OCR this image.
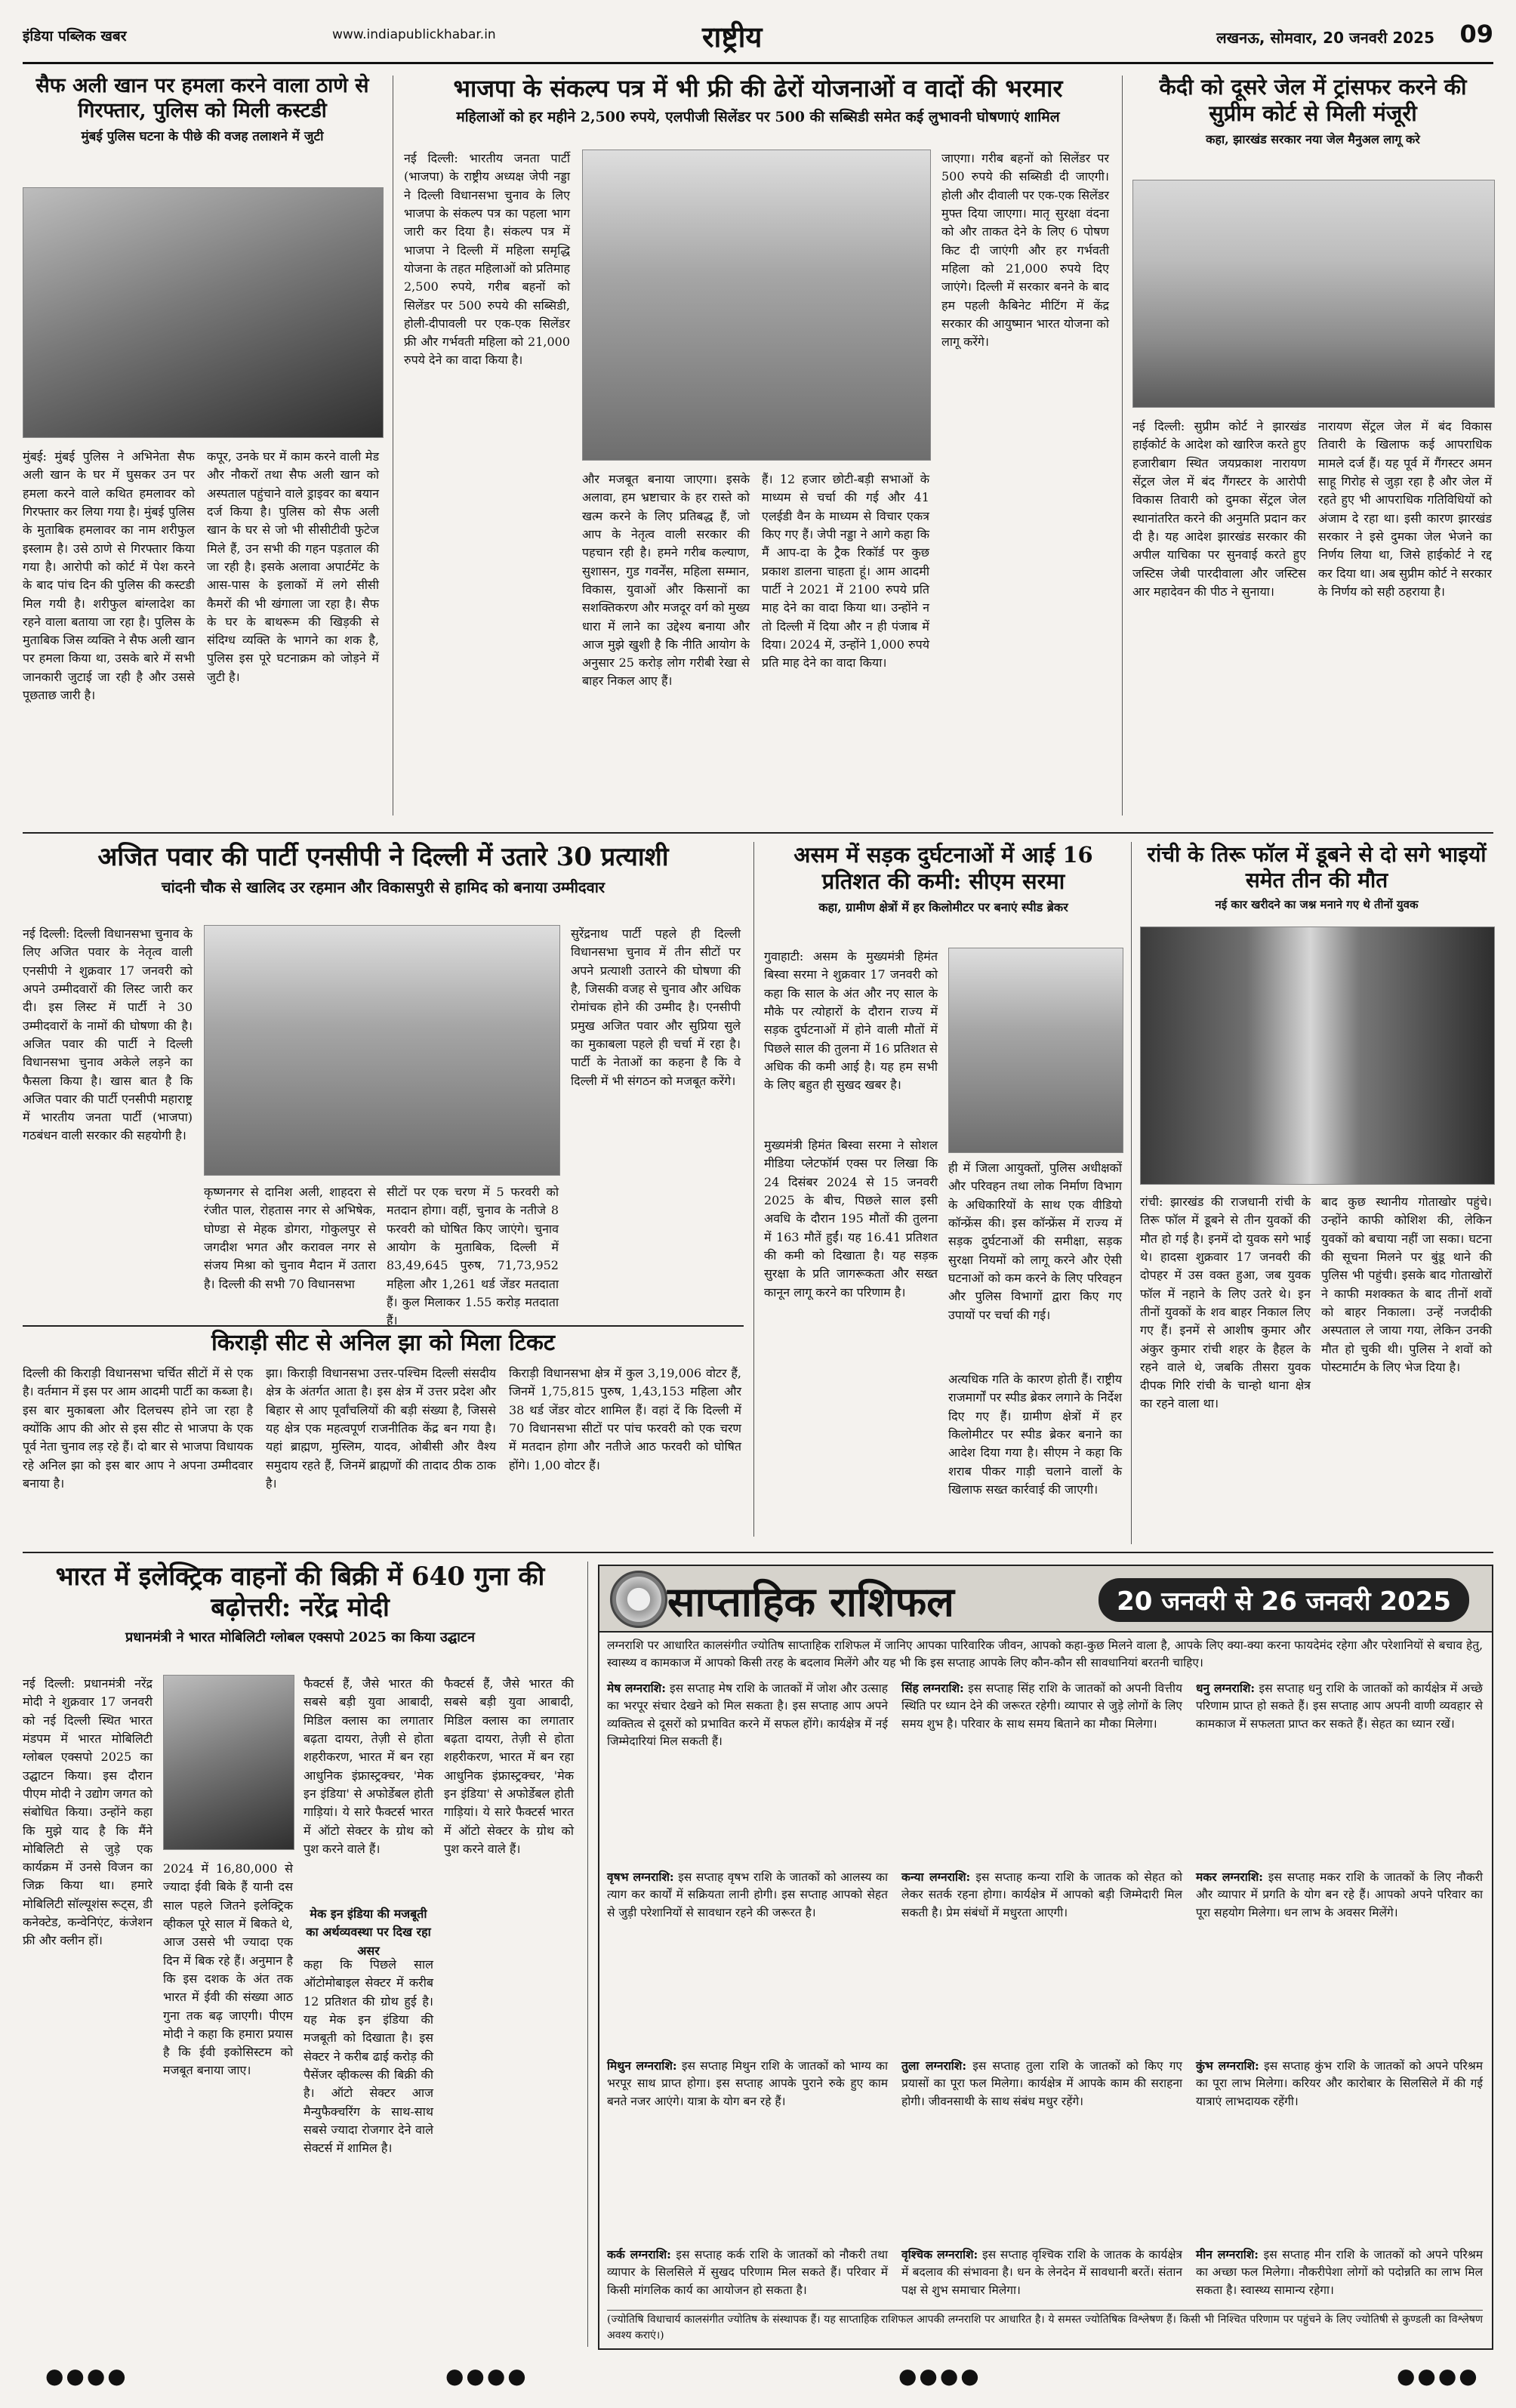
इंडिया पब्लिक खबर	www.indiapublickhabar.in	राष्ट्रीय	लखनऊ, सोमवार, 20 जनवरी 2025 09
सैफ अली खान पर हमला करने वाला ठाणे से गिरफ्तार, पुलिस को मिली कस्टडी
मुंबई पुलिस घटना के पीछे की वजह तलाशने में जुटी
मुंबई: मुंबई पुलिस ने अभिनेता सैफ अली खान के घर में घुसकर उन पर हमला करने वाले कथित हमलावर को गिरफ्तार कर लिया गया है। मुंबई पुलिस के मुताबिक हमलावर का नाम शरीफुल इस्लाम है। उसे ठाणे से गिरफ्तार किया गया है। आरोपी को कोर्ट में पेश करने के बाद पांच दिन की पुलिस की कस्टडी मिल गयी है। शरीफुल बांग्लादेश का रहने वाला बताया जा रहा है। पुलिस के मुताबिक जिस व्यक्ति ने सैफ अली खान पर हमला किया था, उसके बारे में सभी जानकारी जुटाई जा रही है और उससे पूछताछ जारी है।
कपूर, उनके घर में काम करने वाली मेड और नौकरों तथा सैफ अली खान को अस्पताल पहुंचाने वाले ड्राइवर का बयान दर्ज किया है। पुलिस को सैफ अली खान के घर से जो भी सीसीटीवी फुटेज मिले हैं, उन सभी की गहन पड़ताल की जा रही है। इसके अलावा अपार्टमेंट के आस-पास के इलाकों में लगे सीसी कैमरों की भी खंगाला जा रहा है। सैफ के घर के बाथरूम की खिड़की से संदिग्ध व्यक्ति के भागने का शक है, पुलिस इस पूरे घटनाक्रम को जोड़ने में जुटी है।
भाजपा के संकल्प पत्र में भी फ्री की ढेरों योजनाओं व वादों की भरमार
महिलाओं को हर महीने 2,500 रुपये, एलपीजी सिलेंडर पर 500 की सब्सिडी समेत कई लुभावनी घोषणाएं शामिल
नई दिल्ली: भारतीय जनता पार्टी (भाजपा) के राष्ट्रीय अध्यक्ष जेपी नड्डा ने दिल्ली विधानसभा चुनाव के लिए भाजपा के संकल्प पत्र का पहला भाग जारी कर दिया है। संकल्प पत्र में भाजपा ने दिल्ली में महिला समृद्धि योजना के तहत महिलाओं को प्रतिमाह 2,500 रुपये, गरीब बहनों को सिलेंडर पर 500 रुपये की सब्सिडी, होली-दीपावली पर एक-एक सिलेंडर फ्री और गर्भवती महिला को 21,000 रुपये देने का वादा किया है।
और मजबूत बनाया जाएगा। इसके अलावा, हम भ्रष्टाचार के हर रास्ते को खत्म करने के लिए प्रतिबद्ध हैं, जो आप के नेतृत्व वाली सरकार की पहचान रही है। हमने गरीब कल्याण, सुशासन, गुड गवर्नेंस, महिला सम्मान, विकास, युवाओं और किसानों का सशक्तिकरण और मजदूर वर्ग को मुख्य धारा में लाने का उद्देश्य बनाया और आज मुझे खुशी है कि नीति आयोग के अनुसार 25 करोड़ लोग गरीबी रेखा से बाहर निकल आए हैं।
हैं। 12 हजार छोटी-बड़ी सभाओं के माध्यम से चर्चा की गई और 41 एलईडी वैन के माध्यम से विचार एकत्र किए गए हैं। जेपी नड्डा ने आगे कहा कि मैं आप-दा के ट्रैक रिकॉर्ड पर कुछ प्रकाश डालना चाहता हूं। आम आदमी पार्टी ने 2021 में 2100 रुपये प्रति माह देने का वादा किया था। उन्होंने न तो दिल्ली में दिया और न ही पंजाब में दिया। 2024 में, उन्होंने 1,000 रुपये प्रति माह देने का वादा किया।
जाएगा। गरीब बहनों को सिलेंडर पर 500 रुपये की सब्सिडी दी जाएगी। होली और दीवाली पर एक-एक सिलेंडर मुफ्त दिया जाएगा। मातृ सुरक्षा वंदना को और ताकत देने के लिए 6 पोषण किट दी जाएंगी और हर गर्भवती महिला को 21,000 रुपये दिए जाएंगे। दिल्ली में सरकार बनने के बाद हम पहली कैबिनेट मीटिंग में केंद्र सरकार की आयुष्मान भारत योजना को लागू करेंगे।
कैदी को दूसरे जेल में ट्रांसफर करने की सुप्रीम कोर्ट से मिली मंजूरी
कहा, झारखंड सरकार नया जेल मैनुअल लागू करे
नई दिल्ली: सुप्रीम कोर्ट ने झारखंड हाईकोर्ट के आदेश को खारिज करते हुए हजारीबाग स्थित जयप्रकाश नारायण सेंट्रल जेल में बंद गैंगस्टर के आरोपी विकास तिवारी को दुमका सेंट्रल जेल स्थानांतरित करने की अनुमति प्रदान कर दी है। यह आदेश झारखंड सरकार की अपील याचिका पर सुनवाई करते हुए जस्टिस जेबी पारदीवाला और जस्टिस आर महादेवन की पीठ ने सुनाया।
नारायण सेंट्रल जेल में बंद विकास तिवारी के खिलाफ कई आपराधिक मामले दर्ज हैं। यह पूर्व में गैंगस्टर अमन साहू गिरोह से जुड़ा रहा है और जेल में रहते हुए भी आपराधिक गतिविधियों को अंजाम दे रहा था। इसी कारण झारखंड सरकार ने इसे दुमका जेल भेजने का निर्णय लिया था, जिसे हाईकोर्ट ने रद्द कर दिया था। अब सुप्रीम कोर्ट ने सरकार के निर्णय को सही ठहराया है।
अजित पवार की पार्टी एनसीपी ने दिल्ली में उतारे 30 प्रत्याशी
चांदनी चौक से खालिद उर रहमान और विकासपुरी से हामिद को बनाया उम्मीदवार
नई दिल्ली: दिल्ली विधानसभा चुनाव के लिए अजित पवार के नेतृत्व वाली एनसीपी ने शुक्रवार 17 जनवरी को अपने उम्मीदवारों की लिस्ट जारी कर दी। इस लिस्ट में पार्टी ने 30 उम्मीदवारों के नामों की घोषणा की है। अजित पवार की पार्टी ने दिल्ली विधानसभा चुनाव अकेले लड़ने का फैसला किया है। खास बात है कि अजित पवार की पार्टी एनसीपी महाराष्ट्र में भारतीय जनता पार्टी (भाजपा) गठबंधन वाली सरकार की सहयोगी है।
कृष्णनगर से दानिश अली, शाहदरा से रंजीत पाल, रोहतास नगर से अभिषेक, घोण्डा से मेहक डोगरा, गोकुलपुर से जगदीश भगत और करावल नगर से संजय मिश्रा को चुनाव मैदान में उतारा है। दिल्ली की सभी 70 विधानसभा
सीटों पर एक चरण में 5 फरवरी को मतदान होगा। वहीं, चुनाव के नतीजे 8 फरवरी को घोषित किए जाएंगे। चुनाव आयोग के मुताबिक, दिल्ली में 83,49,645 पुरुष, 71,73,952 महिला और 1,261 थर्ड जेंडर मतदाता हैं। कुल मिलाकर 1.55 करोड़ मतदाता हैं।
सुरेंद्रनाथ पार्टी पहले ही दिल्ली विधानसभा चुनाव में तीन सीटों पर अपने प्रत्याशी उतारने की घोषणा की है, जिसकी वजह से चुनाव और अधिक रोमांचक होने की उम्मीद है। एनसीपी प्रमुख अजित पवार और सुप्रिया सुले का मुकाबला पहले ही चर्चा में रहा है। पार्टी के नेताओं का कहना है कि वे दिल्ली में भी संगठन को मजबूत करेंगे।
किराड़ी सीट से अनिल झा को मिला टिकट
दिल्ली की किराड़ी विधानसभा चर्चित सीटों में से एक है। वर्तमान में इस पर आम आदमी पार्टी का कब्जा है। इस बार मुकाबला और दिलचस्प होने जा रहा है क्योंकि आप की ओर से इस सीट से भाजपा के एक पूर्व नेता चुनाव लड़ रहे हैं। दो बार से भाजपा विधायक रहे अनिल झा को इस बार आप ने अपना उम्मीदवार बनाया है।
झा। किराड़ी विधानसभा उत्तर-पश्चिम दिल्ली संसदीय क्षेत्र के अंतर्गत आता है। इस क्षेत्र में उत्तर प्रदेश और बिहार से आए पूर्वांचलियों की बड़ी संख्या है, जिससे यह क्षेत्र एक महत्वपूर्ण राजनीतिक केंद्र बन गया है। यहां ब्राह्मण, मुस्लिम, यादव, ओबीसी और वैश्य समुदाय रहते हैं, जिनमें ब्राह्मणों की तादाद ठीक ठाक है।
किराड़ी विधानसभा क्षेत्र में कुल 3,19,006 वोटर हैं, जिनमें 1,75,815 पुरुष, 1,43,153 महिला और 38 थर्ड जेंडर वोटर शामिल हैं। वहां दें कि दिल्ली में 70 विधानसभा सीटों पर पांच फरवरी को एक चरण में मतदान होगा और नतीजे आठ फरवरी को घोषित होंगे। 1,00 वोटर हैं।
असम में सड़क दुर्घटनाओं में आई 16 प्रतिशत की कमी: सीएम सरमा
कहा, ग्रामीण क्षेत्रों में हर किलोमीटर पर बनाएं स्पीड ब्रेकर
गुवाहाटी: असम के मुख्यमंत्री हिमंत बिस्वा सरमा ने शुक्रवार 17 जनवरी को कहा कि साल के अंत और नए साल के मौके पर त्योहारों के दौरान राज्य में सड़क दुर्घटनाओं में होने वाली मौतों में पिछले साल की तुलना में 16 प्रतिशत से अधिक की कमी आई है। यह हम सभी के लिए बहुत ही सुखद खबर है।
मुख्यमंत्री हिमंत बिस्वा सरमा ने सोशल मीडिया प्लेटफॉर्म एक्स पर लिखा कि 24 दिसंबर 2024 से 15 जनवरी 2025 के बीच, पिछले साल इसी अवधि के दौरान 195 मौतों की तुलना में 163 मौतें हुईं। यह 16.41 प्रतिशत की कमी को दिखाता है। यह सड़क सुरक्षा के प्रति जागरूकता और सख्त कानून लागू करने का परिणाम है।
ही में जिला आयुक्तों, पुलिस अधीक्षकों और परिवहन तथा लोक निर्माण विभाग के अधिकारियों के साथ एक वीडियो कॉन्फ्रेंस की। इस कॉन्फ्रेंस में राज्य में सड़क दुर्घटनाओं की समीक्षा, सड़क सुरक्षा नियमों को लागू करने और ऐसी घटनाओं को कम करने के लिए परिवहन और पुलिस विभागों द्वारा किए गए उपायों पर चर्चा की गई।
अत्यधिक गति के कारण होती हैं। राष्ट्रीय राजमार्गों पर स्पीड ब्रेकर लगाने के निर्देश दिए गए हैं। ग्रामीण क्षेत्रों में हर किलोमीटर पर स्पीड ब्रेकर बनाने का आदेश दिया गया है। सीएम ने कहा कि शराब पीकर गाड़ी चलाने वालों के खिलाफ सख्त कार्रवाई की जाएगी।
रांची के तिरू फॉल में डूबने से दो सगे भाइयों समेत तीन की मौत
नई कार खरीदने का जश्न मनाने गए थे तीनों युवक
रांची: झारखंड की राजधानी रांची के तिरू फॉल में डूबने से तीन युवकों की मौत हो गई है। इनमें दो युवक सगे भाई थे। हादसा शुक्रवार 17 जनवरी की दोपहर में उस वक्त हुआ, जब युवक फॉल में नहाने के लिए उतरे थे। इन तीनों युवकों के शव बाहर निकाल लिए गए हैं। इनमें से आशीष कुमार और अंकुर कुमार रांची शहर के हैहल के रहने वाले थे, जबकि तीसरा युवक दीपक गिरि रांची के चान्हो थाना क्षेत्र का रहने वाला था।
बाद कुछ स्थानीय गोताखोर पहुंचे। उन्होंने काफी कोशिश की, लेकिन युवकों को बचाया नहीं जा सका। घटना की सूचना मिलने पर बुंडू थाने की पुलिस भी पहुंची। इसके बाद गोताखोरों ने काफी मशक्कत के बाद तीनों शवों को बाहर निकाला। उन्हें नजदीकी अस्पताल ले जाया गया, लेकिन उनकी मौत हो चुकी थी। पुलिस ने शवों को पोस्टमार्टम के लिए भेज दिया है।
भारत में इलेक्ट्रिक वाहनों की बिक्री में 640 गुना की बढ़ोत्तरी: नरेंद्र मोदी
प्रधानमंत्री ने भारत मोबिलिटी ग्लोबल एक्सपो 2025 का किया उद्घाटन
नई दिल्ली: प्रधानमंत्री नरेंद्र मोदी ने शुक्रवार 17 जनवरी को नई दिल्ली स्थित भारत मंडपम में भारत मोबिलिटी ग्लोबल एक्सपो 2025 का उद्घाटन किया। इस दौरान पीएम मोदी ने उद्योग जगत को संबोधित किया। उन्होंने कहा कि मुझे याद है कि मैंने मोबिलिटी से जुड़े एक कार्यक्रम में उनसे विजन का जिक्र किया था। हमारे मोबिलिटी सॉल्यूशंस रूट्स, डी कनेक्टेड, कन्वेनिएंट, कंजेशन फ्री और क्लीन हों।
फैक्टर्स हैं, जैसे भारत की सबसे बड़ी युवा आबादी, मिडिल क्लास का लगातार बढ़ता दायरा, तेज़ी से होता शहरीकरण, भारत में बन रहा आधुनिक इंफ्रास्ट्रक्चर, 'मेक इन इंडिया' से अफोर्डेबल होती गाड़ियां। ये सारे फैक्टर्स भारत में ऑटो सेक्टर के ग्रोथ को पुश करने वाले हैं।
मेक इन इंडिया की मजबूती का अर्थव्यवस्था पर दिख रहा असर
2024 में 16,80,000 से ज्यादा ईवी बिके हैं यानी दस साल पहले जितने इलेक्ट्रिक व्हीकल पूरे साल में बिकते थे, आज उससे भी ज्यादा एक दिन में बिक रहे हैं। अनुमान है कि इस दशक के अंत तक भारत में ईवी की संख्या आठ गुना तक बढ़ जाएगी। पीएम मोदी ने कहा कि हमारा प्रयास है कि ईवी इकोसिस्टम को मजबूत बनाया जाए।
कहा कि पिछले साल ऑटोमोबाइल सेक्टर में करीब 12 प्रतिशत की ग्रोथ हुई है। यह मेक इन इंडिया की मजबूती को दिखाता है। इस सेक्टर ने करीब ढाई करोड़ की पैसेंजर व्हीकल्स की बिक्री की है। ऑटो सेक्टर आज मैन्युफैक्चरिंग के साथ-साथ सबसे ज्यादा रोजगार देने वाले सेक्टर्स में शामिल है।
फैक्टर्स हैं, जैसे भारत की सबसे बड़ी युवा आबादी, मिडिल क्लास का लगातार बढ़ता दायरा, तेज़ी से होता शहरीकरण, भारत में बन रहा आधुनिक इंफ्रास्ट्रक्चर, 'मेक इन इंडिया' से अफोर्डेबल होती गाड़ियां। ये सारे फैक्टर्स भारत में ऑटो सेक्टर के ग्रोथ को पुश करने वाले हैं।
साप्ताहिक राशिफल	20 जनवरी से 26 जनवरी 2025
लग्नराशि पर आधारित कालसंगीत ज्योतिष साप्ताहिक राशिफल में जानिए आपका पारिवारिक जीवन, आपको कहा-कुछ मिलने वाला है, आपके लिए क्या-क्या करना फायदेमंद रहेगा और परेशानियों से बचाव हेतु, स्वास्थ्य व कामकाज में आपको किसी तरह के बदलाव मिलेंगे और यह भी कि इस सप्ताह आपके लिए कौन-कौन सी सावधानियां बरतनी चाहिए।
मेष लग्नराशि: इस सप्ताह मेष राशि के जातकों में जोश और उत्साह का भरपूर संचार देखने को मिल सकता है। इस सप्ताह आप अपने व्यक्तित्व से दूसरों को प्रभावित करने में सफल होंगे। कार्यक्षेत्र में नई जिम्मेदारियां मिल सकती हैं।
वृषभ लग्नराशि: इस सप्ताह वृषभ राशि के जातकों को आलस्य का त्याग कर कार्यों में सक्रियता लानी होगी। इस सप्ताह आपको सेहत से जुड़ी परेशानियों से सावधान रहने की जरूरत है।
मिथुन लग्नराशि: इस सप्ताह मिथुन राशि के जातकों को भाग्य का भरपूर साथ प्राप्त होगा। इस सप्ताह आपके पुराने रुके हुए काम बनते नजर आएंगे। यात्रा के योग बन रहे हैं।
कर्क लग्नराशि: इस सप्ताह कर्क राशि के जातकों को नौकरी तथा व्यापार के सिलसिले में सुखद परिणाम मिल सकते हैं। परिवार में किसी मांगलिक कार्य का आयोजन हो सकता है।
सिंह लग्नराशि: इस सप्ताह सिंह राशि के जातकों को अपनी वित्तीय स्थिति पर ध्यान देने की जरूरत रहेगी। व्यापार से जुड़े लोगों के लिए समय शुभ है। परिवार के साथ समय बिताने का मौका मिलेगा।
कन्या लग्नराशि: इस सप्ताह कन्या राशि के जातक को सेहत को लेकर सतर्क रहना होगा। कार्यक्षेत्र में आपको बड़ी जिम्मेदारी मिल सकती है। प्रेम संबंधों में मधुरता आएगी।
तुला लग्नराशि: इस सप्ताह तुला राशि के जातकों को किए गए प्रयासों का पूरा फल मिलेगा। कार्यक्षेत्र में आपके काम की सराहना होगी। जीवनसाथी के साथ संबंध मधुर रहेंगे।
वृश्चिक लग्नराशि: इस सप्ताह वृश्चिक राशि के जातक के कार्यक्षेत्र में बदलाव की संभावना है। धन के लेनदेन में सावधानी बरतें। संतान पक्ष से शुभ समाचार मिलेगा।
धनु लग्नराशि: इस सप्ताह धनु राशि के जातकों को कार्यक्षेत्र में अच्छे परिणाम प्राप्त हो सकते हैं। इस सप्ताह आप अपनी वाणी व्यवहार से कामकाज में सफलता प्राप्त कर सकते हैं। सेहत का ध्यान रखें।
मकर लग्नराशि: इस सप्ताह मकर राशि के जातकों के लिए नौकरी और व्यापार में प्रगति के योग बन रहे हैं। आपको अपने परिवार का पूरा सहयोग मिलेगा। धन लाभ के अवसर मिलेंगे।
कुंभ लग्नराशि: इस सप्ताह कुंभ राशि के जातकों को अपने परिश्रम का पूरा लाभ मिलेगा। करियर और कारोबार के सिलसिले में की गई यात्राएं लाभदायक रहेंगी।
मीन लग्नराशि: इस सप्ताह मीन राशि के जातकों को अपने परिश्रम का अच्छा फल मिलेगा। नौकरीपेशा लोगों को पदोन्नति का लाभ मिल सकता है। स्वास्थ्य सामान्य रहेगा।
(ज्योतिषि विधाचार्य कालसंगीत ज्योतिष के संस्थापक हैं। यह साप्ताहिक राशिफल आपकी लग्नराशि पर आधारित है। ये समस्त ज्योतिषिक विश्लेषण हैं। किसी भी निश्चित परिणाम पर पहुंचने के लिए ज्योतिषी से कुण्डली का विश्लेषण अवश्य कराएं।)
●●●●	●●●●	●●●●	●●●●
